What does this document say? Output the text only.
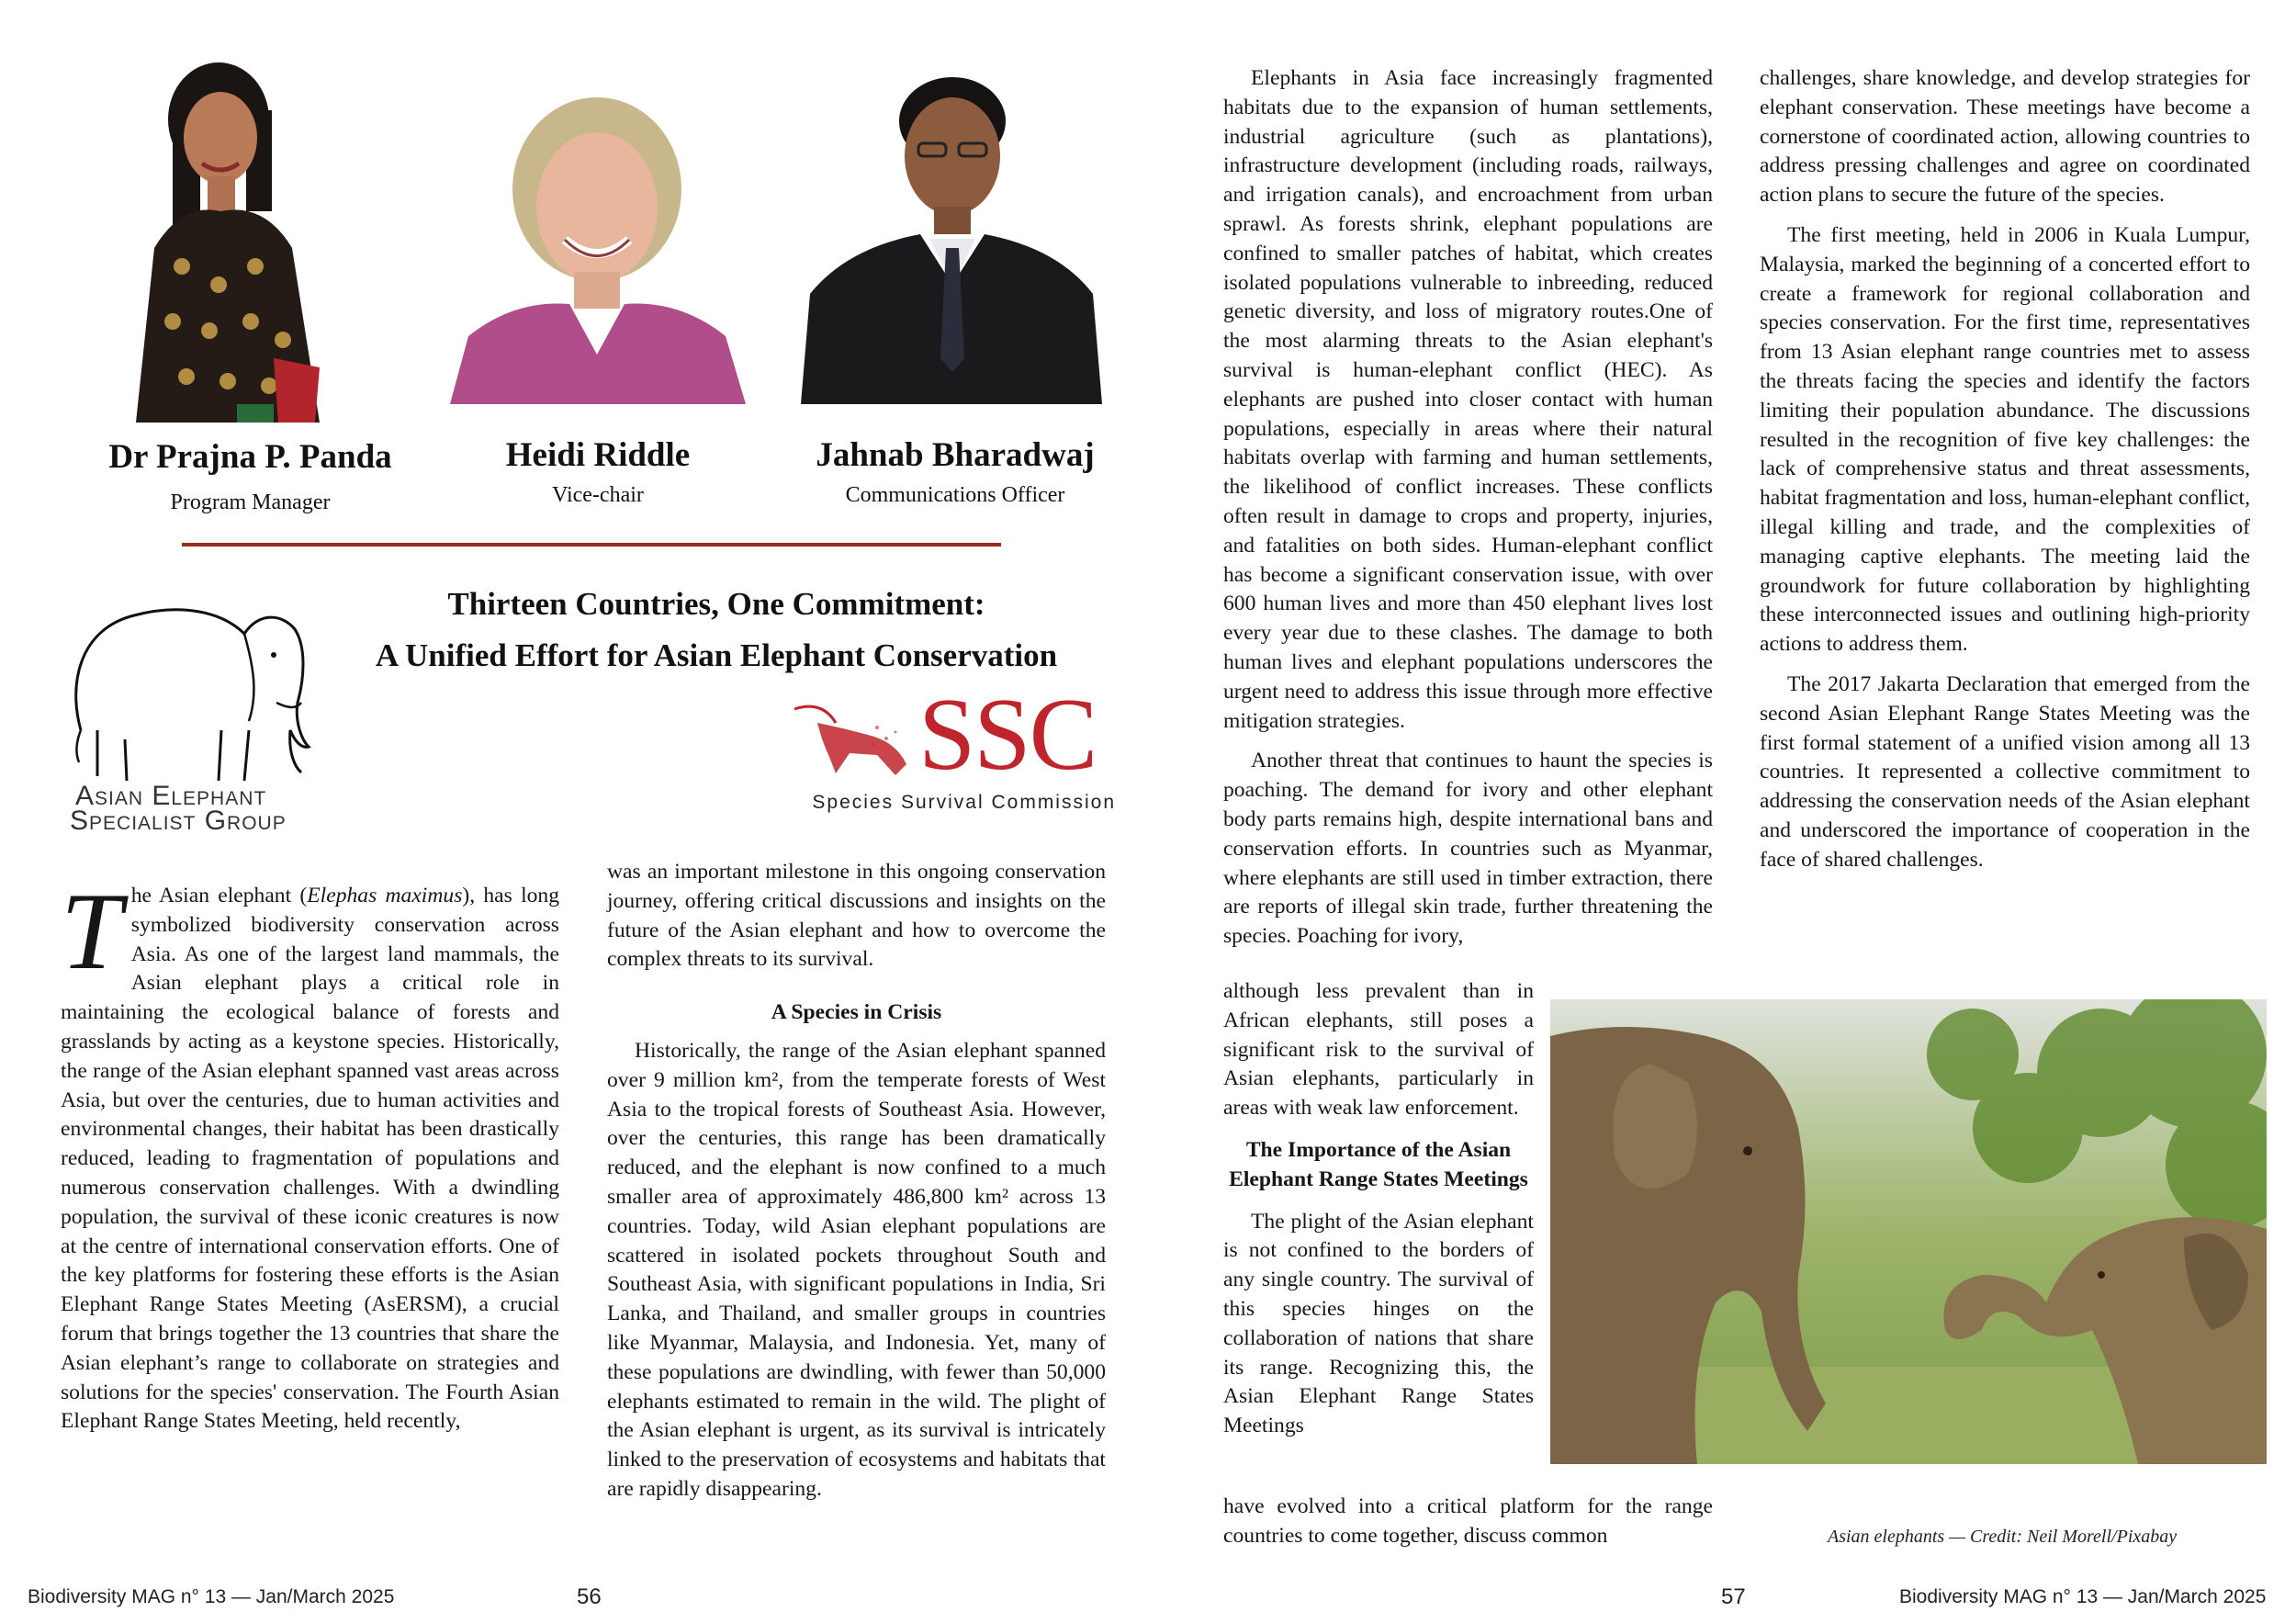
Dr Prajna P. Panda
Program Manager
Heidi Riddle
Vice-chair
Jahnab Bharadwaj
Communications Officer
Asian Elephant
Specialist Group
Thirteen Countries, One Commitment:
A Unified Effort for Asian Elephant Conservation
SSC
Species Survival Commission

The Asian elephant (Elephas maximus), has long symbolized biodiversity conservation across Asia. As one of the largest land mammals, the Asian elephant plays a critical role in maintaining the ecological balance of forests and grasslands by acting as a keystone species. Historically, the range of the Asian elephant spanned vast areas across Asia, but over the centuries, due to human activities and environmental changes, their habitat has been drastically reduced, leading to fragmentation of populations and numerous conservation challenges. With a dwindling population, the survival of these iconic creatures is now at the centre of international conservation efforts. One of the key platforms for fostering these efforts is the Asian Elephant Range States Meeting (AsERSM), a crucial forum that brings together the 13 countries that share the Asian elephant’s range to collaborate on strategies and solutions for the species' conservation. The Fourth Asian Elephant Range States Meeting, held recently,

was an important milestone in this ongoing conservation journey, offering critical discussions and insights on the future of the Asian elephant and how to overcome the complex threats to its survival.

A Species in Crisis

Historically, the range of the Asian elephant spanned over 9 million km², from the temperate forests of West Asia to the tropical forests of Southeast Asia. However, over the centuries, this range has been dramatically reduced, and the elephant is now confined to a much smaller area of approximately 486,800 km² across 13 countries. Today, wild Asian elephant populations are scattered in isolated pockets throughout South and Southeast Asia, with significant populations in India, Sri Lanka, and Thailand, and smaller groups in countries like Myanmar, Malaysia, and Indonesia. Yet, many of these populations are dwindling, with fewer than 50,000 elephants estimated to remain in the wild. The plight of the Asian elephant is urgent, as its survival is intricately linked to the preservation of ecosystems and habitats that are rapidly disappearing.

Biodiversity MAG n° 13 — Jan/March 2025	56

Elephants in Asia face increasingly fragmented habitats due to the expansion of human settlements, industrial agriculture (such as plantations), infrastructure development (including roads, railways, and irrigation canals), and encroachment from urban sprawl. As forests shrink, elephant populations are confined to smaller patches of habitat, which creates isolated populations vulnerable to inbreeding, reduced genetic diversity, and loss of migratory routes.One of the most alarming threats to the Asian elephant's survival is human-elephant conflict (HEC). As elephants are pushed into closer contact with human populations, especially in areas where their natural habitats overlap with farming and human settlements, the likelihood of conflict increases. These conflicts often result in damage to crops and property, injuries, and fatalities on both sides. Human-elephant conflict has become a significant conservation issue, with over 600 human lives and more than 450 elephant lives lost every year due to these clashes. The damage to both human lives and elephant populations underscores the urgent need to address this issue through more effective mitigation strategies.

Another threat that continues to haunt the species is poaching. The demand for ivory and other elephant body parts remains high, despite international bans and conservation efforts. In countries such as Myanmar, where elephants are still used in timber extraction, there are reports of illegal skin trade, further threatening the species. Poaching for ivory,

although less prevalent than in African elephants, still poses a significant risk to the survival of Asian elephants, particularly in areas with weak law enforcement.

The Importance of the Asian Elephant Range States Meetings

The plight of the Asian elephant is not confined to the borders of any single country. The survival of this species hinges on the collaboration of nations that share its range. Recognizing this, the Asian Elephant Range States Meetings

have evolved into a critical platform for the range countries to come together, discuss common

challenges, share knowledge, and develop strategies for elephant conservation. These meetings have become a cornerstone of coordinated action, allowing countries to address pressing challenges and agree on coordinated action plans to secure the future of the species.

The first meeting, held in 2006 in Kuala Lumpur, Malaysia, marked the beginning of a concerted effort to create a framework for regional collaboration and species conservation. For the first time, representatives from 13 Asian elephant range countries met to assess the threats facing the species and identify the factors limiting their population abundance. The discussions resulted in the recognition of five key challenges: the lack of comprehensive status and threat assessments, habitat fragmentation and loss, human-elephant conflict, illegal killing and trade, and the complexities of managing captive elephants. The meeting laid the groundwork for future collaboration by highlighting these interconnected issues and outlining high-priority actions to address them.

The 2017 Jakarta Declaration that emerged from the second Asian Elephant Range States Meeting was the first formal statement of a unified vision among all 13 countries. It represented a collective commitment to addressing the conservation needs of the Asian elephant and underscored the importance of cooperation in the face of shared challenges.

Asian elephants — Credit: Neil Morell/Pixabay
57	Biodiversity MAG n° 13 — Jan/March 2025
